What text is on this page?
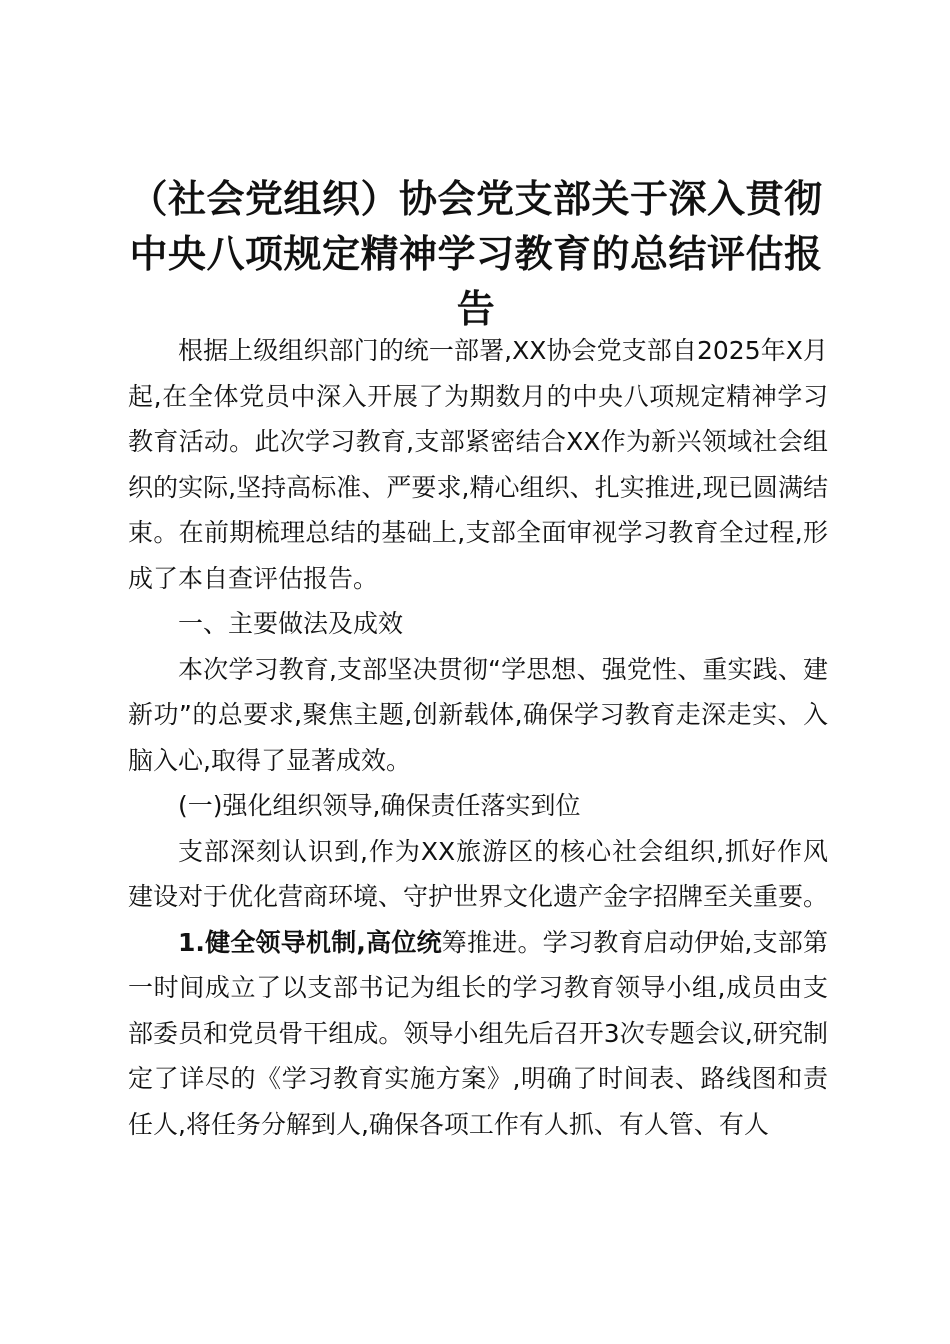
（社会党组织）协会党支部关于深入贯彻中央八项规定精神学习教育的总结评估报告

根据上级组织部门的统一部署,XX协会党支部自2025年X月起,在全体党员中深入开展了为期数月的中央八项规定精神学习教育活动。此次学习教育,支部紧密结合XX作为新兴领域社会组织的实际,坚持高标准、严要求,精心组织、扎实推进,现已圆满结束。在前期梳理总结的基础上,支部全面审视学习教育全过程,形成了本自查评估报告。

一、主要做法及成效

本次学习教育,支部坚决贯彻“学思想、强党性、重实践、建新功”的总要求,聚焦主题,创新载体,确保学习教育走深走实、入脑入心,取得了显著成效。

(一)强化组织领导,确保责任落实到位

支部深刻认识到,作为XX旅游区的核心社会组织,抓好作风建设对于优化营商环境、守护世界文化遗产金字招牌至关重要。

1.健全领导机制,高位统筹推进。学习教育启动伊始,支部第一时间成立了以支部书记为组长的学习教育领导小组,成员由支部委员和党员骨干组成。领导小组先后召开3次专题会议,研究制定了详尽的《学习教育实施方案》,明确了时间表、路线图和责任人,将任务分解到人,确保各项工作有人抓、有人管、有人
